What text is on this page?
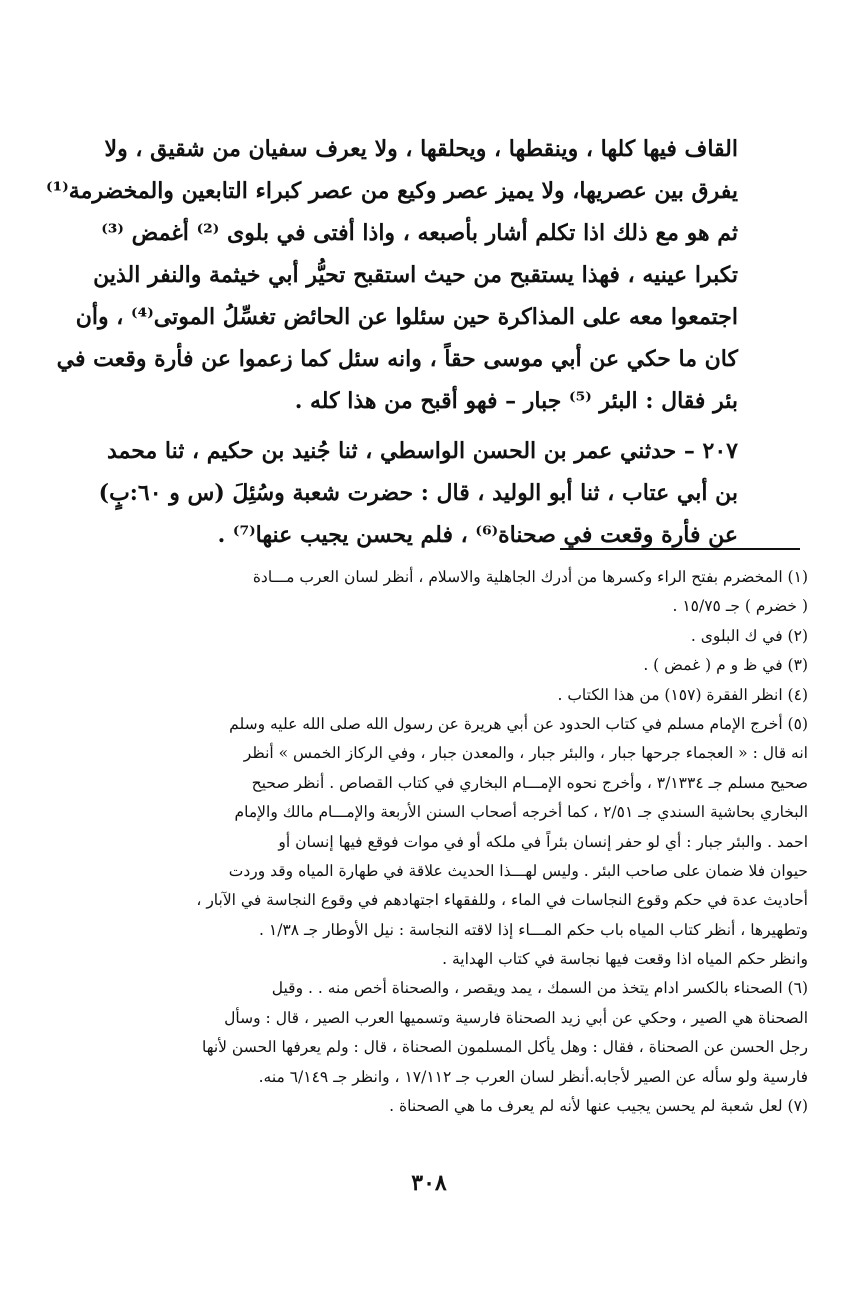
القاف فيها كلها ، وينقطها ، ويحلقها ، ولا يعرف سفيان من شقيق ، ولا
يفرق بين عصريها، ولا يميز عصر وكيع من عصر كبراء التابعين والمخضرمة⁽¹⁾
ثم هو مع ذلك اذا تكلم أشار بأصبعه ، واذا أفتى في بلوى ⁽²⁾ أغمض ⁽³⁾
تكبرا عينيه ، فهذا يستقبح من حيث استقبح تحيُّر أبي خيثمة والنفر الذين
اجتمعوا معه على المذاكرة حين سئلوا عن الحائض تغسِّلُ الموتى⁽⁴⁾ ، وأن
كان ما حكي عن أبي موسى حقاً ، وانه سئل كما زعموا عن فأرة وقعت في
بئر فقال : البئر ⁽⁵⁾ جبار – فهو أقبح من هذا كله .
٢٠٧ – حدثني عمر بن الحسن الواسطي ، ثنا جُنيد بن حكيم ، ثنا محمد
بن أبي عتاب ، ثنا أبو الوليد ، قال : حضرت شعبة وسُئِلَ (س و ٦٠:بٍ)
عن فأرة وقعت في صحناة⁽⁶⁾ ، فلم يحسن يجيب عنها⁽⁷⁾ .
(١) المخضرم بفتح الراء وكسرها من أدرك الجاهلية والاسلام ، أنظر لسان العرب مـــادة
( خضرم ) جـ ١٥/٧٥ .
(٢) في ك البلوى .
(٣) في ظ و م ( غمض ) .
(٤) انظر الفقرة (١٥٧) من هذا الكتاب .
(٥) أخرج الإمام مسلم في كتاب الحدود عن أبي هريرة عن رسول الله صلى الله عليه وسلم
انه قال : « العجماء جرحها جبار ، والبئر جبار ، والمعدن جبار ، وفي الركاز الخمس » أنظر
صحيح مسلم جـ ٣/١٣٣٤ ، وأخرج نحوه الإمـــام البخاري في كتاب القصاص . أنظر صحيح
البخاري بحاشية السندي جـ ٢/٥١ ، كما أخرجه أصحاب السنن الأربعة والإمـــام مالك والإمام
احمد . والبئر جبار : أي لو حفر إنسان بئراً في ملكه أو في موات فوقع فيها إنسان أو
حيوان فلا ضمان على صاحب البئر . وليس لهـــذا الحديث علاقة في طهارة المياه وقد وردت
أحاديث عدة في حكم وقوع النجاسات في الماء ، وللفقهاء اجتهادهم في وقوع النجاسة في الآبار ،
وتطهيرها ، أنظر كتاب المياه باب حكم المـــاء إذا لاقته النجاسة : نيل الأوطار جـ ١/٣٨ .
وانظر حكم المياه اذا وقعت فيها نجاسة في كتاب الهداية .
(٦) الصحناء بالكسر ادام يتخذ من السمك ، يمد ويقصر ، والصحناة أخص منه . . وقيل
الصحناة هي الصير ، وحكي عن أبي زيد الصحناة فارسية وتسميها العرب الصير ، قال : وسأل
رجل الحسن عن الصحناة ، فقال : وهل يأكل المسلمون الصحناة ، قال : ولم يعرفها الحسن لأنها
فارسية ولو سأله عن الصير لأجابه.أنظر لسان العرب جـ ١٧/١١٢ ، وانظر جـ ٦/١٤٩ منه.
(٧) لعل شعبة لم يحسن يجيب عنها لأنه لم يعرف ما هي الصحناة .
٣٠٨
